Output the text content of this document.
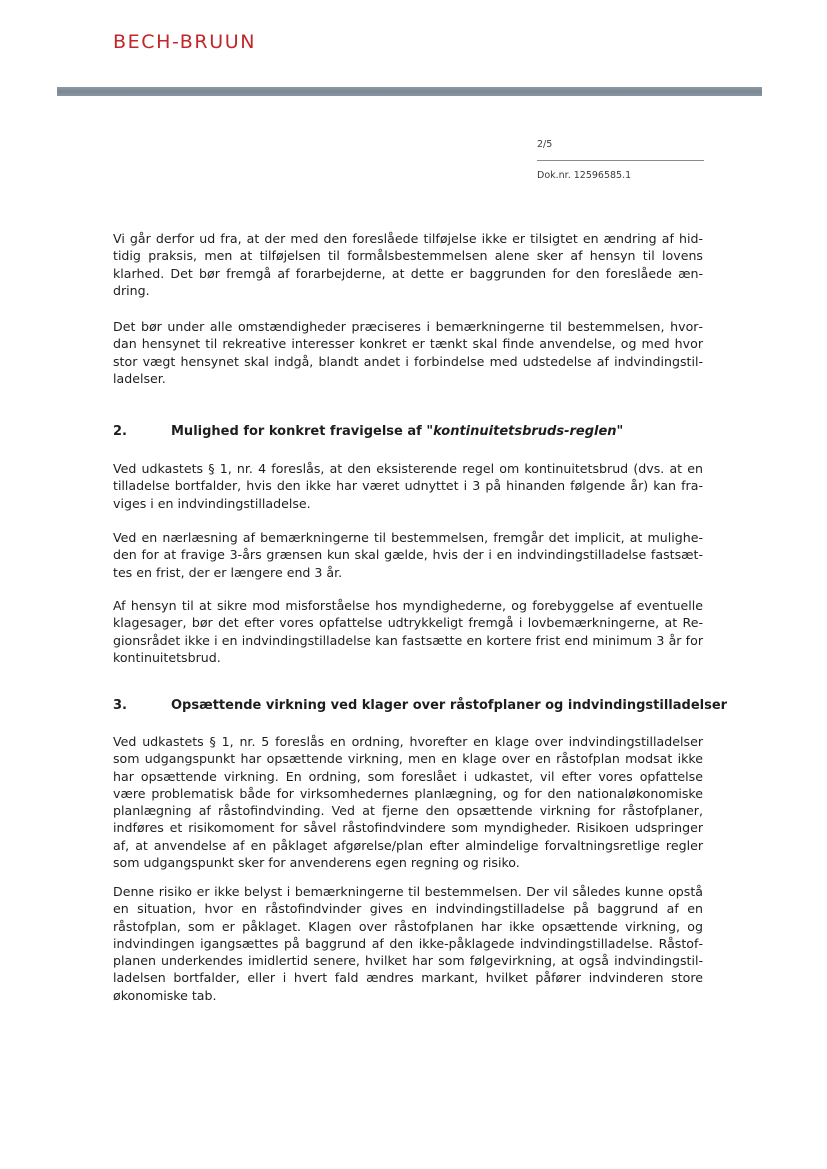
BECH-BRUUN
2/5
Dok.nr. 12596585.1

Vi går derfor ud fra, at der med den foreslåede tilføjelse ikke er tilsigtet en ændring af hidtidig praksis, men at tilføjelsen til formålsbestemmelsen alene sker af hensyn til lovens klarhed. Det bør fremgå af forarbejderne, at dette er baggrunden for den foreslåede ændring.

Det bør under alle omstændigheder præciseres i bemærkningerne til bestemmelsen, hvordan hensynet til rekreative interesser konkret er tænkt skal finde anvendelse, og med hvor stor vægt hensynet skal indgå, blandt andet i forbindelse med udstedelse af indvindingstilladelser.

2.	Mulighed for konkret fravigelse af "kontinuitetsbruds-reglen"

Ved udkastets § 1, nr. 4 foreslås, at den eksisterende regel om kontinuitetsbrud (dvs. at en tilladelse bortfalder, hvis den ikke har været udnyttet i 3 på hinanden følgende år) kan fraviges i en indvindingstilladelse.

Ved en nærlæsning af bemærkningerne til bestemmelsen, fremgår det implicit, at muligheden for at fravige 3-års grænsen kun skal gælde, hvis der i en indvindingstilladelse fastsættes en frist, der er længere end 3 år.

Af hensyn til at sikre mod misforståelse hos myndighederne, og forebyggelse af eventuelle klagesager, bør det efter vores opfattelse udtrykkeligt fremgå i lovbemærkningerne, at Regionsrådet ikke i en indvindingstilladelse kan fastsætte en kortere frist end minimum 3 år for kontinuitetsbrud.

3.	Opsættende virkning ved klager over råstofplaner og indvindingstilladelser

Ved udkastets § 1, nr. 5 foreslås en ordning, hvorefter en klage over indvindingstilladelser som udgangspunkt har opsættende virkning, men en klage over en råstofplan modsat ikke har opsættende virkning. En ordning, som foreslået i udkastet, vil efter vores opfattelse være problematisk både for virksomhedernes planlægning, og for den nationaløkonomiske planlægning af råstofindvinding. Ved at fjerne den opsættende virkning for råstofplaner, indføres et risikomoment for såvel råstofindvindere som myndigheder. Risikoen udspringer af, at anvendelse af en påklaget afgørelse/plan efter almindelige forvaltningsretlige regler som udgangspunkt sker for anvenderens egen regning og risiko.

Denne risiko er ikke belyst i bemærkningerne til bestemmelsen. Der vil således kunne opstå en situation, hvor en råstofindvinder gives en indvindingstilladelse på baggrund af en råstofplan, som er påklaget. Klagen over råstofplanen har ikke opsættende virkning, og indvindingen igangsættes på baggrund af den ikke-påklagede indvindingstilladelse. Råstofplanen underkendes imidlertid senere, hvilket har som følgevirkning, at også indvindingstilladelsen bortfalder, eller i hvert fald ændres markant, hvilket påfører indvinderen store økonomiske tab.
